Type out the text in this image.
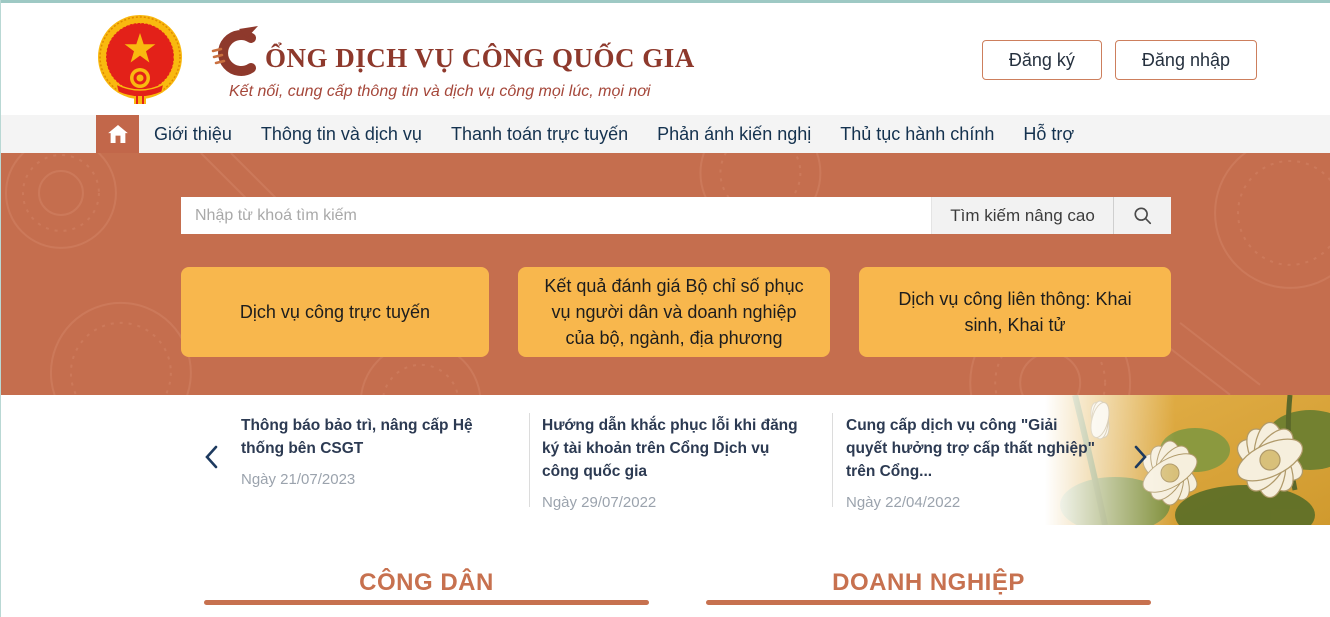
ỔNG DỊCH VỤ CÔNG QUỐC GIA
Kết nối, cung cấp thông tin và dịch vụ công mọi lúc, mọi nơi
Đăng ký	Đăng nhập
Giới thiệu Thông tin và dịch vụ Thanh toán trực tuyến Phản ánh kiến nghị Thủ tục hành chính Hỗ trợ
Nhập từ khoá tìm kiếm
Tìm kiếm nâng cao
Dịch vụ công trực tuyến
Kết quả đánh giá Bộ chỉ số phục vụ người dân và doanh nghiệp của bộ, ngành, địa phương
Dịch vụ công liên thông: Khai sinh, Khai tử
Thông báo bảo trì, nâng cấp Hệ thống bên CSGT
Ngày 21/07/2023
Hướng dẫn khắc phục lỗi khi đăng ký tài khoản trên Cổng Dịch vụ công quốc gia
Ngày 29/07/2022
Cung cấp dịch vụ công "Giải quyết hưởng trợ cấp thất nghiệp" trên Cổng...
Ngày 22/04/2022
CÔNG DÂN	DOANH NGHIỆP
